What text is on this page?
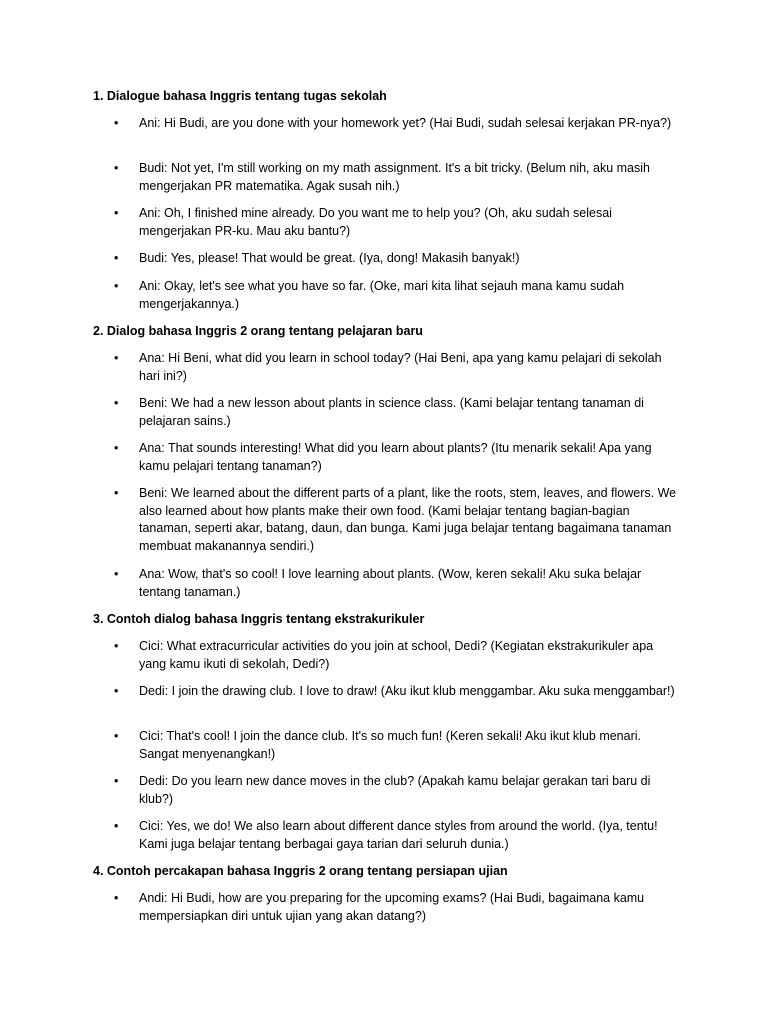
1. Dialogue bahasa Inggris tentang tugas sekolah
• Ani: Hi Budi, are you done with your homework yet? (Hai Budi, sudah selesai kerjakan PR-nya?)
• Budi: Not yet, I'm still working on my math assignment. It's a bit tricky. (Belum nih, aku masih mengerjakan PR matematika. Agak susah nih.)
• Ani: Oh, I finished mine already. Do you want me to help you? (Oh, aku sudah selesai mengerjakan PR-ku. Mau aku bantu?)
• Budi: Yes, please! That would be great. (Iya, dong! Makasih banyak!)
• Ani: Okay, let's see what you have so far. (Oke, mari kita lihat sejauh mana kamu sudah mengerjakannya.)
2. Dialog bahasa Inggris 2 orang tentang pelajaran baru
• Ana: Hi Beni, what did you learn in school today? (Hai Beni, apa yang kamu pelajari di sekolah hari ini?)
• Beni: We had a new lesson about plants in science class. (Kami belajar tentang tanaman di pelajaran sains.)
• Ana: That sounds interesting! What did you learn about plants? (Itu menarik sekali! Apa yang kamu pelajari tentang tanaman?)
• Beni: We learned about the different parts of a plant, like the roots, stem, leaves, and flowers. We also learned about how plants make their own food. (Kami belajar tentang bagian-bagian tanaman, seperti akar, batang, daun, dan bunga. Kami juga belajar tentang bagaimana tanaman membuat makanannya sendiri.)
• Ana: Wow, that's so cool! I love learning about plants. (Wow, keren sekali! Aku suka belajar tentang tanaman.)
3. Contoh dialog bahasa Inggris tentang ekstrakurikuler
• Cici: What extracurricular activities do you join at school, Dedi? (Kegiatan ekstrakurikuler apa yang kamu ikuti di sekolah, Dedi?)
• Dedi: I join the drawing club. I love to draw! (Aku ikut klub menggambar. Aku suka menggambar!)
• Cici: That's cool! I join the dance club. It's so much fun! (Keren sekali! Aku ikut klub menari. Sangat menyenangkan!)
• Dedi: Do you learn new dance moves in the club? (Apakah kamu belajar gerakan tari baru di klub?)
• Cici: Yes, we do! We also learn about different dance styles from around the world. (Iya, tentu! Kami juga belajar tentang berbagai gaya tarian dari seluruh dunia.)
4. Contoh percakapan bahasa Inggris 2 orang tentang persiapan ujian
• Andi: Hi Budi, how are you preparing for the upcoming exams? (Hai Budi, bagaimana kamu mempersiapkan diri untuk ujian yang akan datang?)
